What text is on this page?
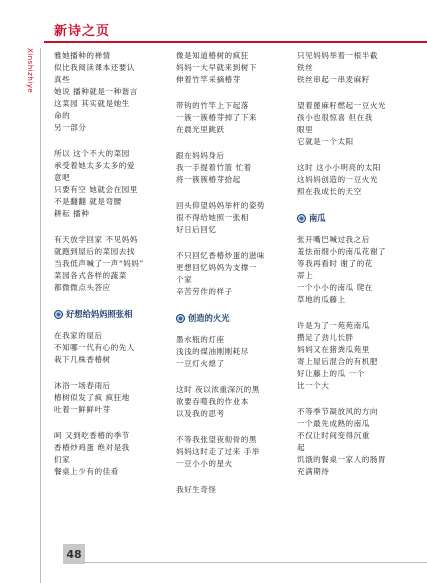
新诗之页
Xinshizhiye	雅她播种的禅情
似比我阅读课本还要认
真些
她说 播种就是一种谐言
这菜园 其实就是她生
命的
另一部分
所以 这个不大的菜园
承受着她太多太多的爱
意吧
只要有空 她就会在园里
不是翻翻 就是弯腰
耕耘 播种
有天放学回家 不见妈妈
就跑到屋后的菜园去找
当我低声喊了一声“妈妈”
菜园各式各样的蔬菜
都微微点头答应
好想给妈妈照张相
在我家的屋后
不知哪一代有心的先人
栽下几株香椿树
沐浴一场春雨后
椿树似发了疯 疯狂地
吐着一鲜鲜叶芽
呵 又到吃香椿的季节
香椿炒鸡蛋 绝对是我
们家
餐桌上少有的佳肴
像是知道椿树的疯狂
妈妈一大早就来到树下
伸着竹竿采摘椿芽
带钩的竹竿上下起落
一簇一簇椿芽掉了下来
在晨光里跳跃
跟在妈妈身后
我一手提着竹篮 忙着
将一簇簇椿芽拾起
回头仰望妈妈举杆的姿势
很不得给她照一张相
好日后回忆
不只回忆香椿炒蛋的滋味
更想回忆妈妈为支撑一
个家
辛苦劳作的样子
创造的火光
墨水瓶的灯座
浅浅的煤油刚刚耗尽
一豆灯火熄了
这时 夜以浓重深沉的黑
欲要吞噬我的作业本
以及我的思考
不等我张望夜彻骨的黑
妈妈这时走了过来 手举
一豆小小的星火
我好生奇怪
只见妈妈举着一根半截
铁丝
铁丝串起一串麦麻籽
望着蓖麻籽燃起一豆火光
孩小也很惊喜 但在我
眼里
它就是一个太阳
这时 这小小明亮的太阳
这妈妈创造的一豆火光
照在我成长的天空
南瓜
张开嘴巴喊过我之后
羞怯而细小的南瓜花谢了
等我再看时 谢了的花
蒂上
一个小小的南瓜 爬在
草地的瓜藤上
许是为了一苑苑南瓜
攒足了劲儿长胖
妈妈又在猪粪瓜苑里
寄上屋后混合的有机肥
好让藤上的瓜 一个
比一个大
不等季节凝放风的方向
一个最先成熟的南瓜
不仅让时间变得沉重
起
饥饿的餐桌一家人的肠胃
充满期待
48
